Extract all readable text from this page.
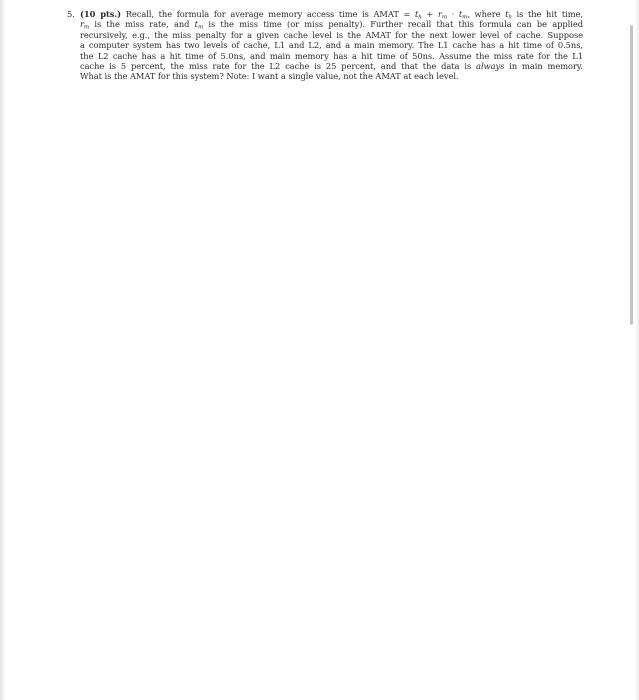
5. (10 pts.) Recall, the formula for average memory access time is AMAT = $t_h + r_m \cdot t_m$, where $t_h$ is the hit time,
$r_m$ is the miss rate, and $t_m$ is the miss time (or miss penalty). Further recall that this formula can be applied
recursively, e.g., the miss penalty for a given cache level is the AMAT for the next lower level of cache. Suppose
a computer system has two levels of cache, L1 and L2, and a main memory. The L1 cache has a hit time of 0.5ns,
the L2 cache has a hit time of 5.0ns, and main memory has a hit time of 50ns. Assume the miss rate for the L1
cache is 5 percent, the miss rate for the L2 cache is 25 percent, and that the data is always in main memory.
What is the AMAT for this system? Note: I want a single value, not the AMAT at each level.
